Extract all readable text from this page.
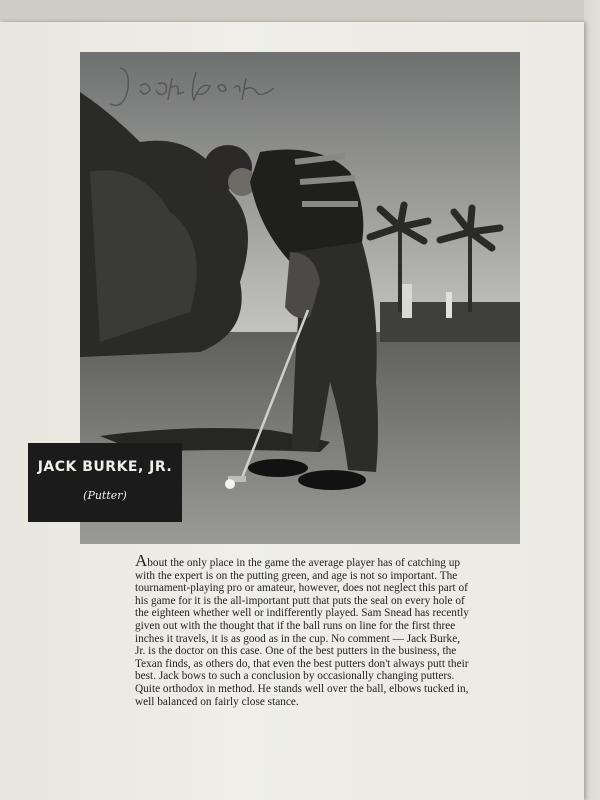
JACK BURKE, JR.
(Putter)

About the only place in the game the average player has of catching up with the expert is on the putting green, and age is not so important. The tournament-playing pro or amateur, however, does not neglect this part of his game for it is the all-important putt that puts the seal on every hole of the eighteen whether well or indifferently played. Sam Snead has recently given out with the thought that if the ball runs on line for the first three inches it travels, it is as good as in the cup. No comment — Jack Burke, Jr. is the doctor on this case. One of the best putters in the business, the Texan finds, as others do, that even the best putters don't always putt their best. Jack bows to such a conclusion by occasionally changing putters. Quite orthodox in method. He stands well over the ball, elbows tucked in, well balanced on fairly close stance.
